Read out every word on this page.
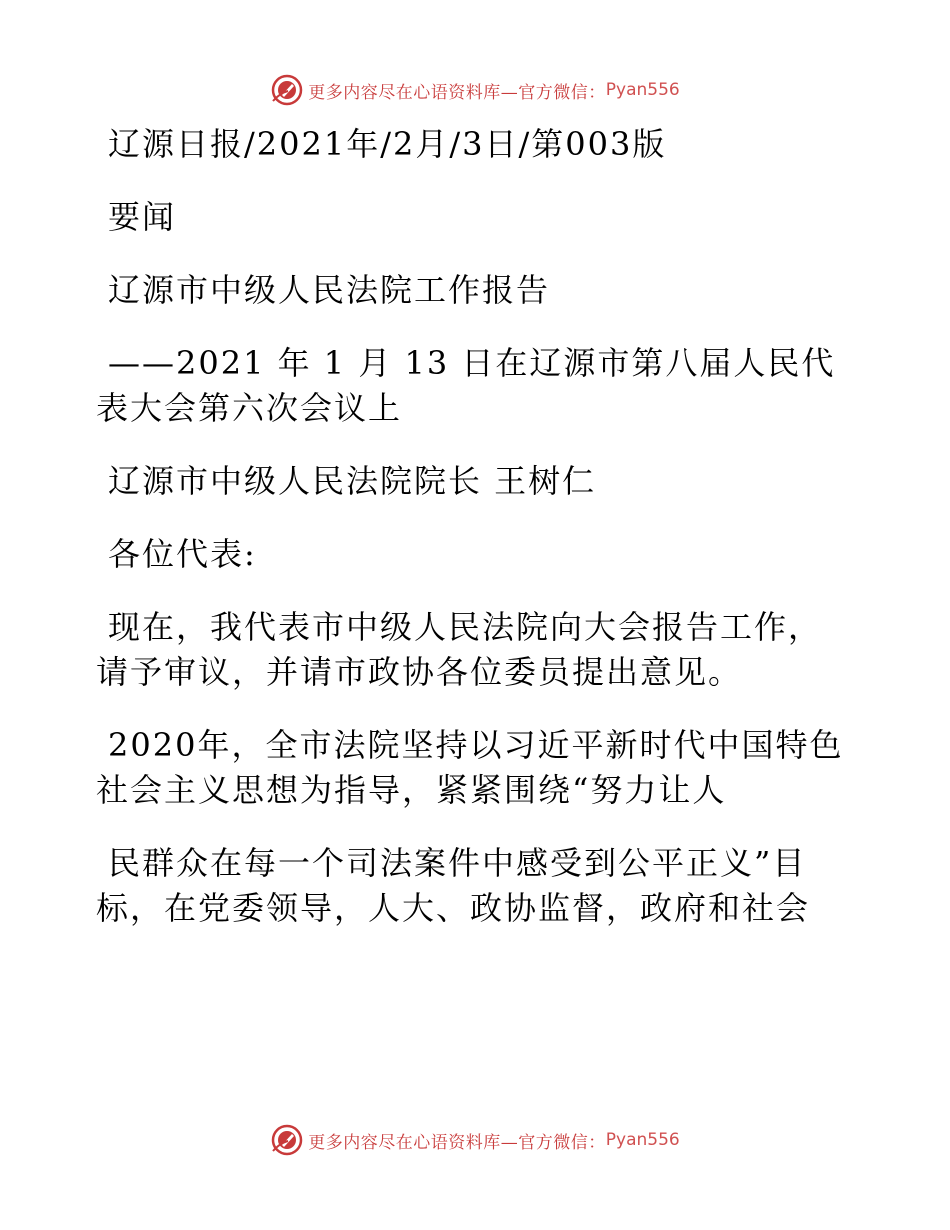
更多内容尽在心语资料库—官方微信： Pyan556

辽源日报/2021年/2月/3日/第003版

要闻

辽源市中级人民法院工作报告

——2021 年 1 月 13 日在辽源市第八届人民代

表大会第六次会议上

辽源市中级人民法院院长 王树仁

各位代表:

现在，我代表市中级人民法院向大会报告工作，

请予审议，并请市政协各位委员提出意见。

2020年，全市法院坚持以习近平新时代中国特色

社会主义思想为指导，紧紧围绕“努力让人

民群众在每一个司法案件中感受到公平正义”目

标，在党委领导，人大、政协监督，政府和社会

更多内容尽在心语资料库—官方微信： Pyan556
